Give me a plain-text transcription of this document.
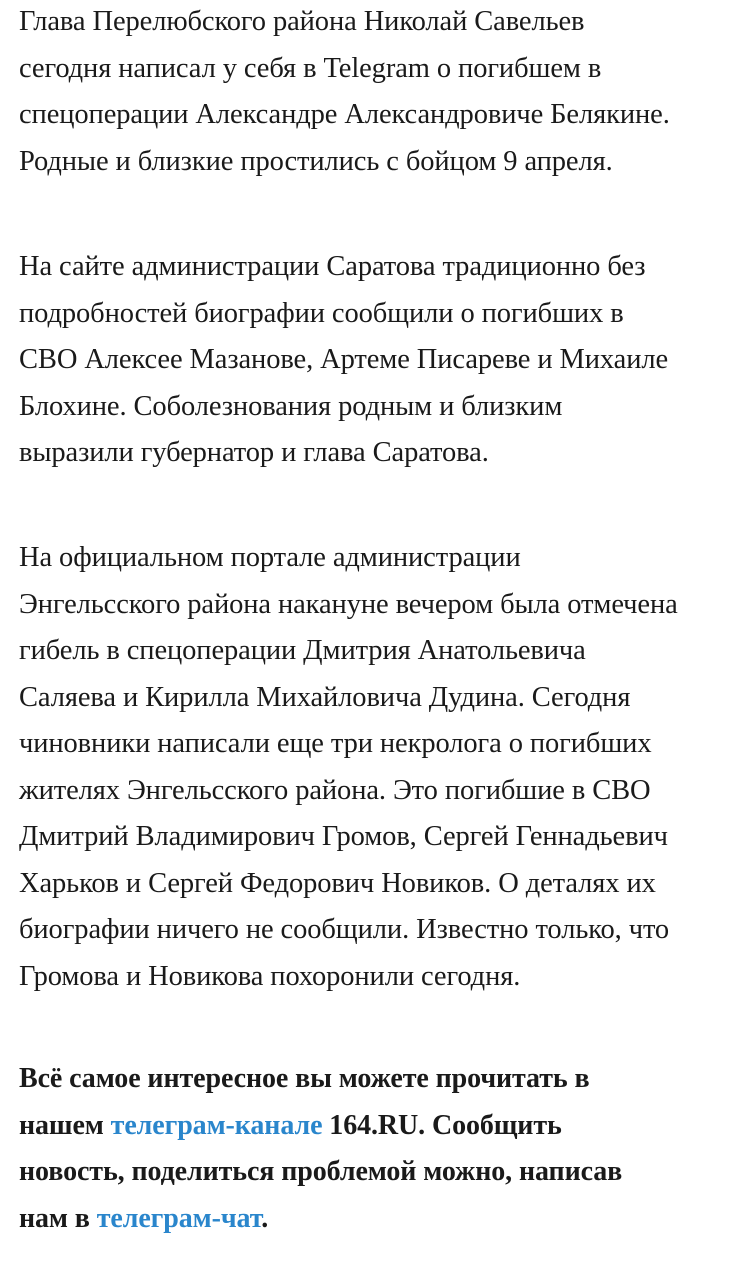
Глава Перелюбского района Николай Савельев
сегодня написал у себя в Telegram о погибшем в
спецоперации Александре Александровиче Белякине.
Родные и близкие простились с бойцом 9 апреля.

На сайте администрации Саратова традиционно без
подробностей биографии сообщили о погибших в
СВО Алексее Мазанове, Артеме Писареве и Михаиле
Блохине. Соболезнования родным и близким
выразили губернатор и глава Саратова.

На официальном портале администрации
Энгельсского района накануне вечером была отмечена
гибель в спецоперации Дмитрия Анатольевича
Саляева и Кирилла Михайловича Дудина. Сегодня
чиновники написали еще три некролога о погибших
жителях Энгельсского района. Это погибшие в СВО
Дмитрий Владимирович Громов, Сергей Геннадьевич
Харьков и Сергей Федорович Новиков. О деталях их
биографии ничего не сообщили. Известно только, что
Громова и Новикова похоронили сегодня.

Всё самое интересное вы можете прочитать в
нашем телеграм-канале 164.RU. Сообщить
новость, поделиться проблемой можно, написав
нам в телеграм-чат.
